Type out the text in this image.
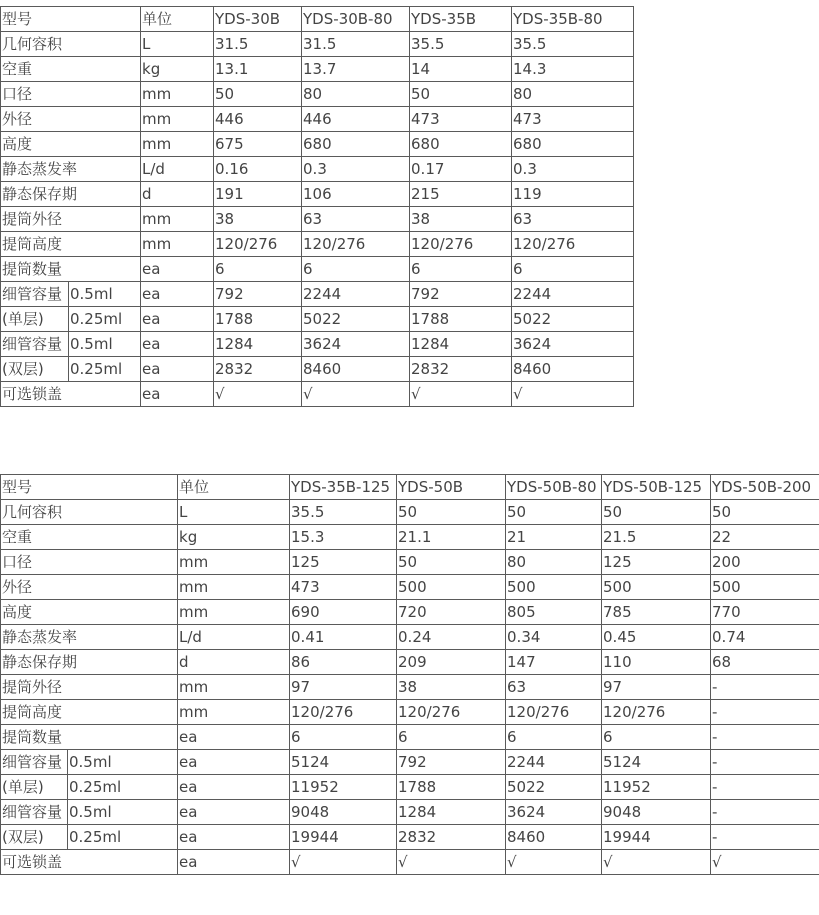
型号		单位	YDS-30B	YDS-30B-80	YDS-35B	YDS-35B-80
几何容积		L	31.5	31.5	35.5	35.5
空重		kg	13.1	13.7	14	14.3
口径		mm	50	80	50	80
外径		mm	446	446	473	473
高度		mm	675	680	680	680
静态蒸发率		L/d	0.16	0.3	0.17	0.3
静态保存期		d	191	106	215	119
提筒外径		mm	38	63	38	63
提筒高度		mm	120/276	120/276	120/276	120/276
提筒数量		ea	6	6	6	6
细管容量	0.5ml	ea	792	2244	792	2244
(单层)	0.25ml	ea	1788	5022	1788	5022
细管容量	0.5ml	ea	1284	3624	1284	3624
(双层)	0.25ml	ea	2832	8460	2832	8460
可选锁盖		ea	√	√	√	√
型号		单位	YDS-35B-125	YDS-50B	YDS-50B-80	YDS-50B-125	YDS-50B-200
几何容积		L	35.5	50	50	50	50
空重		kg	15.3	21.1	21	21.5	22
口径		mm	125	50	80	125	200
外径		mm	473	500	500	500	500
高度		mm	690	720	805	785	770
静态蒸发率		L/d	0.41	0.24	0.34	0.45	0.74
静态保存期		d	86	209	147	110	68
提筒外径		mm	97	38	63	97	-
提筒高度		mm	120/276	120/276	120/276	120/276	-
提筒数量		ea	6	6	6	6	-
细管容量	0.5ml	ea	5124	792	2244	5124	-
(单层)	0.25ml	ea	11952	1788	5022	11952	-
细管容量	0.5ml	ea	9048	1284	3624	9048	-
(双层)	0.25ml	ea	19944	2832	8460	19944	-
可选锁盖		ea	√	√	√	√	√
